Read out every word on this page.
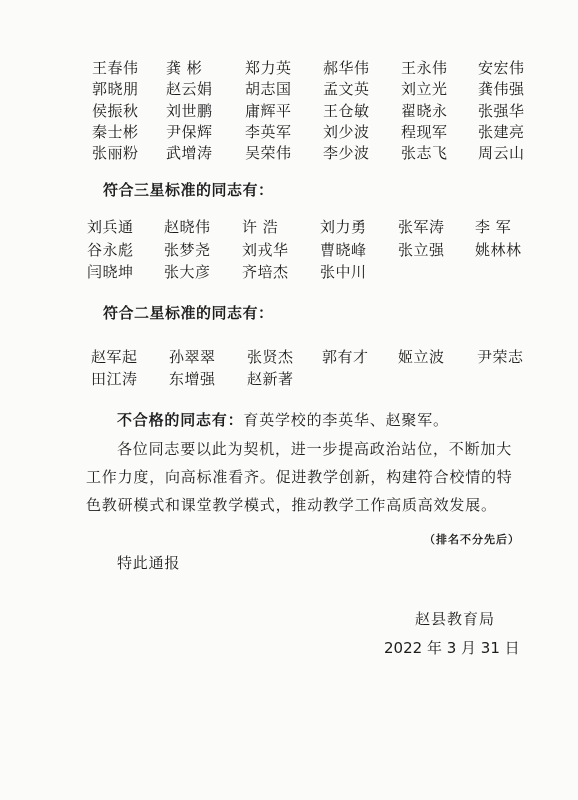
王春伟 龚 彬	郑力英 郝华伟 王永伟 安宏伟
郭晓朋 赵云娟 胡志国 孟文英 刘立光 龚伟强
侯振秋 刘世鹏 庸辉平 王仓敏 翟晓永 张强华
秦士彬 尹保辉 李英军 刘少波 程现军 张建亮
张丽粉 武增涛 吴荣伟 李少波 张志飞 周云山
符合三星标准的同志有：
刘兵通 赵晓伟 许 浩	刘力勇 张军涛 李 军
谷永彪 张梦尧 刘戎华 曹晓峰 张立强 姚林林
闫晓坤 张大彦 齐培杰 张中川
符合二星标准的同志有：
赵军起 孙翠翠 张贤杰 郭有才 姬立波 尹荣志
田江涛 东增强 赵新著
不合格的同志有：育英学校的李英华、赵聚军。
各位同志要以此为契机，进一步提高政治站位，不断加大
工作力度，向高标准看齐。促进教学创新，构建符合校情的特
色教研模式和课堂教学模式，推动教学工作高质高效发展。
（排名不分先后）
特此通报
赵县教育局
2022 年 3 月 31 日
